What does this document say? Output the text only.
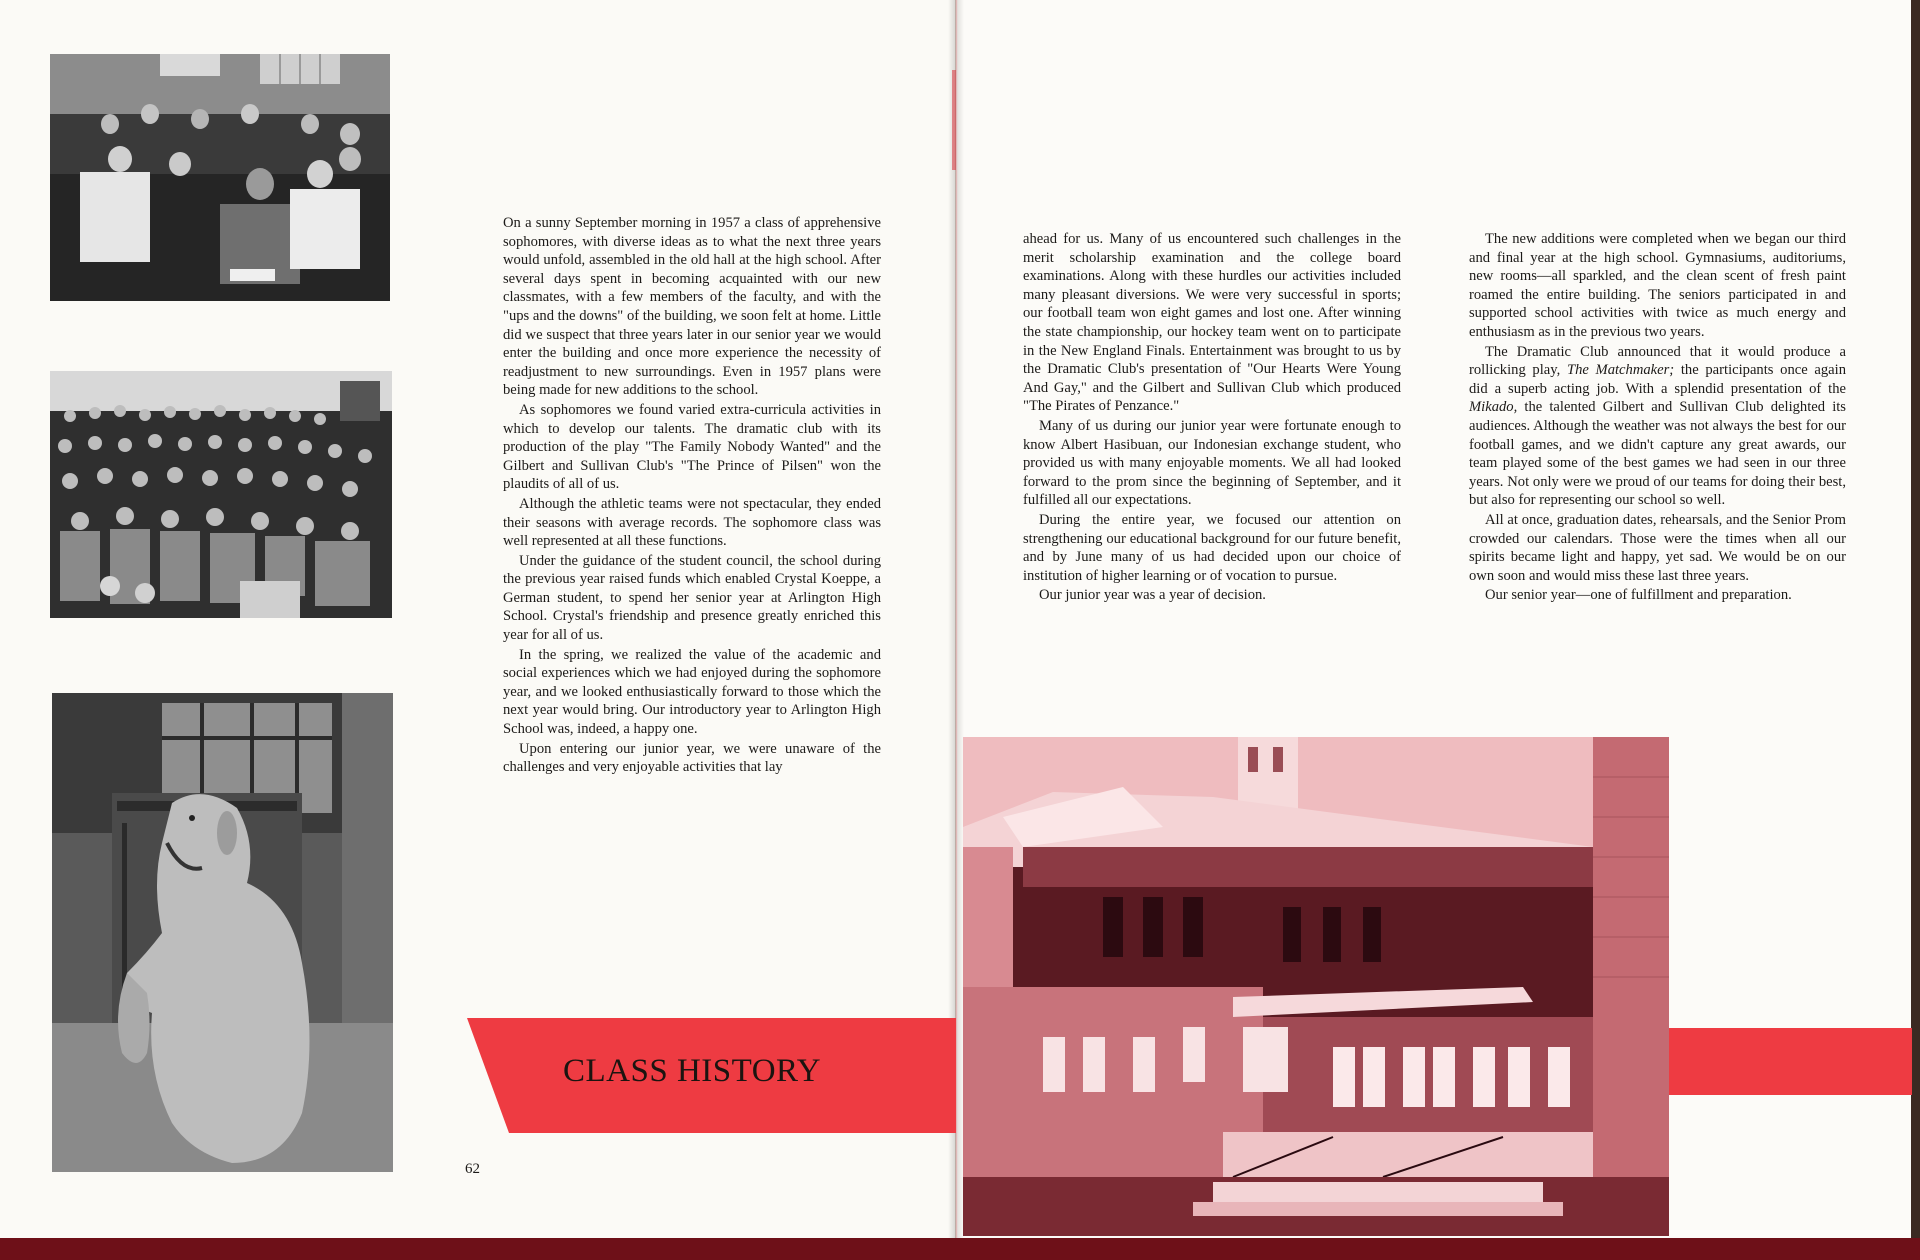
On a sunny September morning in 1957 a class of apprehensive sophomores, with diverse ideas as to what the next three years would unfold, assembled in the old hall at the high school. After several days spent in becoming acquainted with our new classmates, with a few members of the faculty, and with the "ups and the downs" of the building, we soon felt at home. Little did we suspect that three years later in our senior year we would enter the building and once more experience the necessity of readjustment to new surroundings. Even in 1957 plans were being made for new additions to the school.

As sophomores we found varied extra-curricula activities in which to develop our talents. The dramatic club with its production of the play "The Family Nobody Wanted" and the Gilbert and Sullivan Club's "The Prince of Pilsen" won the plaudits of all of us.

Although the athletic teams were not spectacular, they ended their seasons with average records. The sophomore class was well represented at all these functions.

Under the guidance of the student council, the school during the previous year raised funds which enabled Crystal Koeppe, a German student, to spend her senior year at Arlington High School. Crystal's friendship and presence greatly enriched this year for all of us.

In the spring, we realized the value of the academic and social experiences which we had enjoyed during the sophomore year, and we looked enthusiastically forward to those which the next year would bring. Our introductory year to Arlington High School was, indeed, a happy one.

Upon entering our junior year, we were unaware of the challenges and very enjoyable activities that lay

ahead for us. Many of us encountered such challenges in the merit scholarship examination and the college board examinations. Along with these hurdles our activities included many pleasant diversions. We were very successful in sports; our football team won eight games and lost one. After winning the state championship, our hockey team went on to participate in the New England Finals. Entertainment was brought to us by the Dramatic Club's presentation of "Our Hearts Were Young And Gay," and the Gilbert and Sullivan Club which produced "The Pirates of Penzance."

Many of us during our junior year were fortunate enough to know Albert Hasibuan, our Indonesian exchange student, who provided us with many enjoyable moments. We all had looked forward to the prom since the beginning of September, and it fulfilled all our expectations.

During the entire year, we focused our attention on strengthening our educational background for our future benefit, and by June many of us had decided upon our choice of institution of higher learning or of vocation to pursue.

Our junior year was a year of decision.

The new additions were completed when we began our third and final year at the high school. Gymnasiums, auditoriums, new rooms—all sparkled, and the clean scent of fresh paint roamed the entire building. The seniors participated in and supported school activities with twice as much energy and enthusiasm as in the previous two years.

The Dramatic Club announced that it would produce a rollicking play, The Matchmaker; the participants once again did a superb acting job. With a splendid presentation of the Mikado, the talented Gilbert and Sullivan Club delighted its audiences. Although the weather was not always the best for our football games, and we didn't capture any great awards, our team played some of the best games we had seen in our three years. Not only were we proud of our teams for doing their best, but also for representing our school so well.

All at once, graduation dates, rehearsals, and the Senior Prom crowded our calendars. Those were the times when all our spirits became light and happy, yet sad. We would be on our own soon and would miss these last three years.

Our senior year—one of fulfillment and preparation.

CLASS HISTORY
62
